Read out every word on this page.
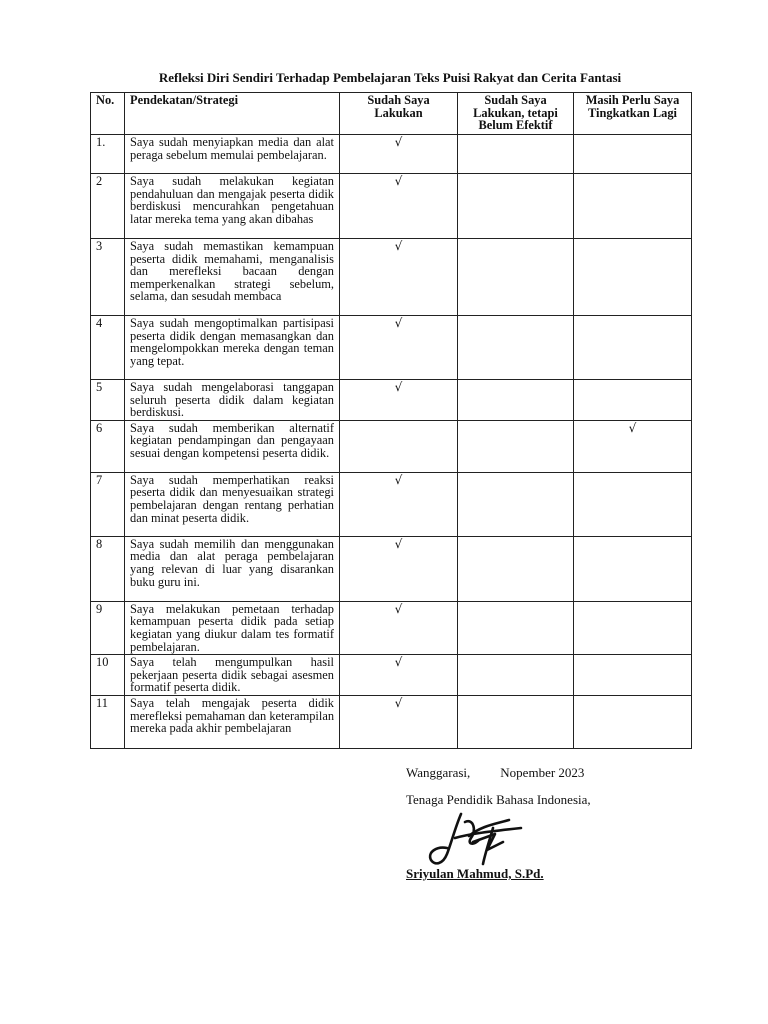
Refleksi Diri Sendiri Terhadap Pembelajaran Teks Puisi Rakyat dan Cerita Fantasi
No.	Pendekatan/Strategi	Sudah Saya Lakukan	Sudah Saya Lakukan, tetapi Belum Efektif	Masih Perlu Saya Tingkatkan Lagi
1.	Saya sudah menyiapkan media dan alat peraga sebelum memulai pembelajaran.	√		
2	Saya sudah melakukan kegiatan pendahuluan dan mengajak peserta didik berdiskusi mencurahkan pengetahuan latar mereka tema yang akan dibahas	√		
3	Saya sudah memastikan kemampuan peserta didik memahami, menganalisis dan merefleksi bacaan dengan memperkenalkan strategi sebelum, selama, dan sesudah membaca	√		
4	Saya sudah mengoptimalkan partisipasi peserta didik dengan memasangkan dan mengelompokkan mereka dengan teman yang tepat.	√		
5	Saya sudah mengelaborasi tanggapan seluruh peserta didik dalam kegiatan berdiskusi.	√		
6	Saya sudah memberikan alternatif kegiatan pendampingan dan pengayaan sesuai dengan kompetensi peserta didik.			√
7	Saya sudah memperhatikan reaksi peserta didik dan menyesuaikan strategi pembelajaran dengan rentang perhatian dan minat peserta didik.	√		
8	Saya sudah memilih dan menggunakan media dan alat peraga pembelajaran yang relevan di luar yang disarankan buku guru ini.	√		
9	Saya melakukan pemetaan terhadap kemampuan peserta didik pada setiap kegiatan yang diukur dalam tes formatif pembelajaran.	√		
10	Saya telah mengumpulkan hasil pekerjaan peserta didik sebagai asesmen formatif peserta didik.	√		
11	Saya telah mengajak peserta didik merefleksi pemahaman dan keterampilan mereka pada akhir pembelajaran	√		
Wanggarasi, Nopember 2023
Tenaga Pendidik Bahasa Indonesia,
Sriyulan Mahmud, S.Pd.
